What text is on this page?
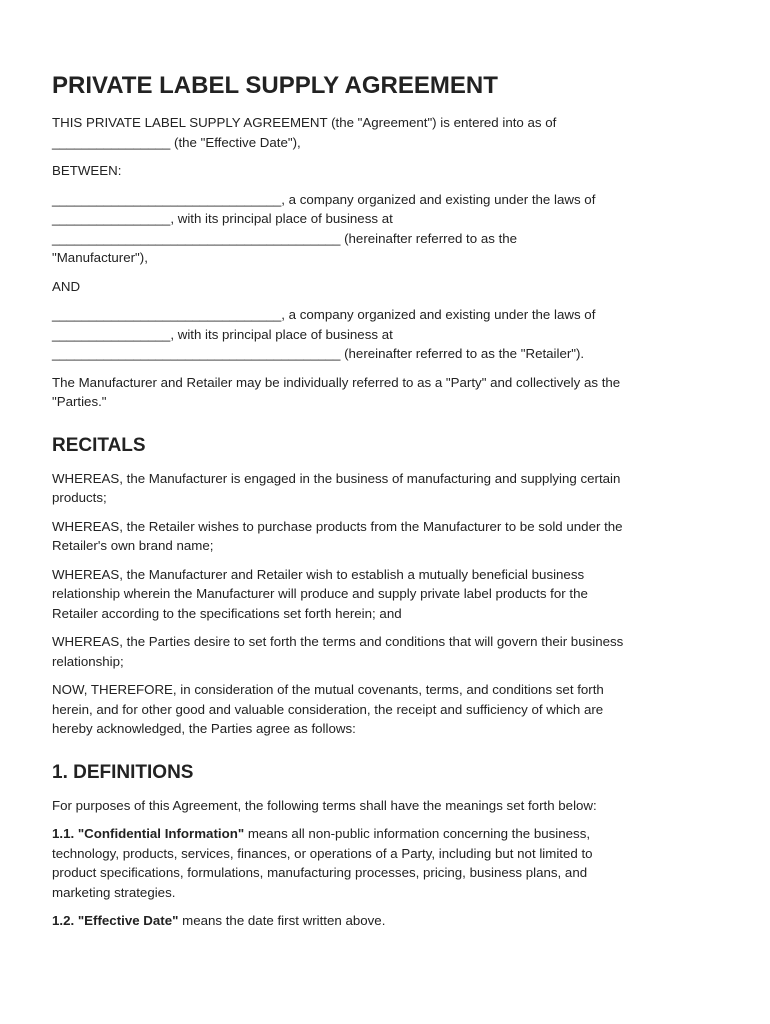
PRIVATE LABEL SUPPLY AGREEMENT

THIS PRIVATE LABEL SUPPLY AGREEMENT (the "Agreement") is entered into as of
________________ (the "Effective Date"),

BETWEEN:

_______________________________, a company organized and existing under the laws of
________________, with its principal place of business at
_______________________________________ (hereinafter referred to as the
"Manufacturer"),

AND

_______________________________, a company organized and existing under the laws of
________________, with its principal place of business at
_______________________________________ (hereinafter referred to as the "Retailer").

The Manufacturer and Retailer may be individually referred to as a "Party" and collectively as the
"Parties."

RECITALS

WHEREAS, the Manufacturer is engaged in the business of manufacturing and supplying certain
products;

WHEREAS, the Retailer wishes to purchase products from the Manufacturer to be sold under the
Retailer's own brand name;

WHEREAS, the Manufacturer and Retailer wish to establish a mutually beneficial business
relationship wherein the Manufacturer will produce and supply private label products for the
Retailer according to the specifications set forth herein; and

WHEREAS, the Parties desire to set forth the terms and conditions that will govern their business
relationship;

NOW, THEREFORE, in consideration of the mutual covenants, terms, and conditions set forth
herein, and for other good and valuable consideration, the receipt and sufficiency of which are
hereby acknowledged, the Parties agree as follows:

1. DEFINITIONS

For purposes of this Agreement, the following terms shall have the meanings set forth below:

1.1. "Confidential Information" means all non-public information concerning the business,
technology, products, services, finances, or operations of a Party, including but not limited to
product specifications, formulations, manufacturing processes, pricing, business plans, and
marketing strategies.

1.2. "Effective Date" means the date first written above.
